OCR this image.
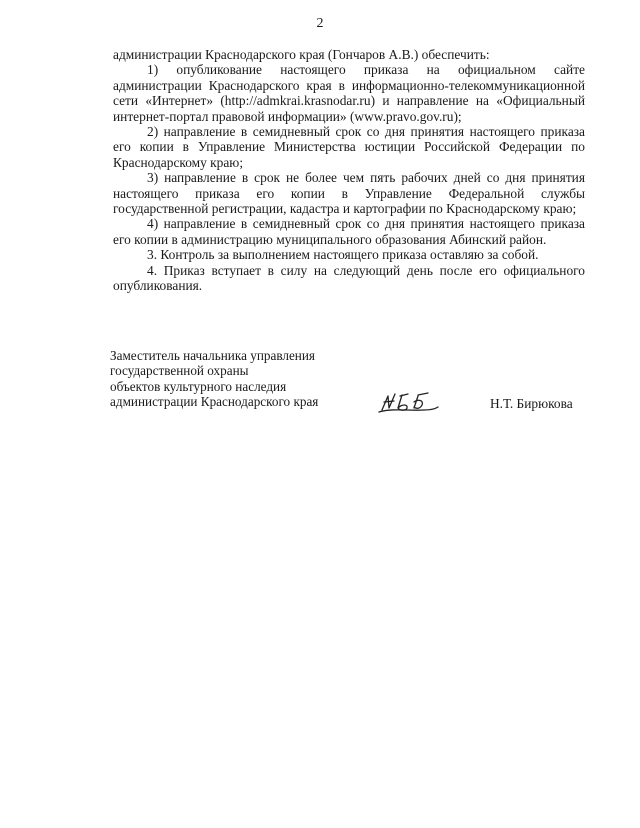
2

администрации Краснодарского края (Гончаров А.В.) обеспечить:

1) опубликование настоящего приказа на официальном сайте администрации Краснодарского края в информационно-телекоммуникационной сети «Интернет» (http://admkrai.krasnodar.ru) и направление на «Официальный интернет-портал правовой информации» (www.pravo.gov.ru);

2) направление в семидневный срок со дня принятия настоящего приказа его копии в Управление Министерства юстиции Российской Федерации по Краснодарскому краю;

3) направление в срок не более чем пять рабочих дней со дня принятия настоящего приказа его копии в Управление Федеральной службы государственной регистрации, кадастра и картографии по Краснодарскому краю;

4) направление в семидневный срок со дня принятия настоящего приказа его копии в администрацию муниципального образования Абинский район.

3. Контроль за выполнением настоящего приказа оставляю за собой.

4. Приказ вступает в силу на следующий день после его официального опубликования.

Заместитель начальника управления
государственной охраны
объектов культурного наследия
администрации Краснодарского края	Н.Т. Бирюкова
